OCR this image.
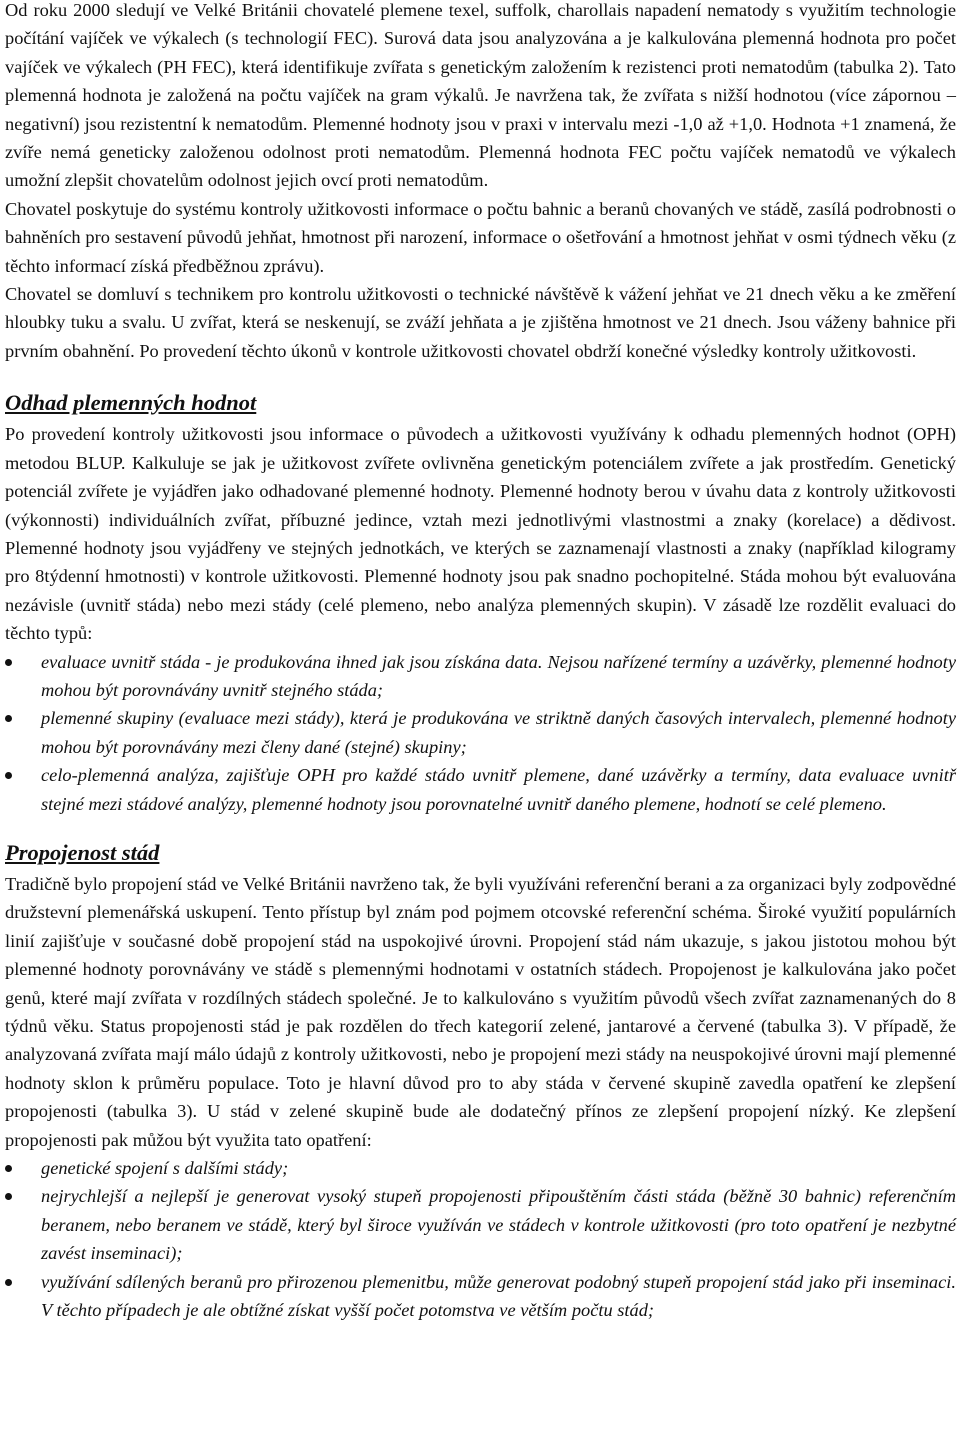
Od roku 2000 sledují ve Velké Británii chovatelé plemene texel, suffolk, charollais napadení nematody s využitím technologie počítání vajíček ve výkalech (s technologií FEC). Surová data jsou analyzována a je kalkulována plemenná hodnota pro počet vajíček ve výkalech (PH FEC), která identifikuje zvířata s genetickým založením k rezistenci proti nematodům (tabulka 2). Tato plemenná hodnota je založená na počtu vajíček na gram výkalů. Je navržena tak, že zvířata s nižší hodnotou (více zápornou – negativní) jsou rezistentní k nematodům. Plemenné hodnoty jsou v praxi v intervalu mezi -1,0 až +1,0. Hodnota +1 znamená, že zvíře nemá geneticky založenou odolnost proti nematodům. Plemenná hodnota FEC počtu vajíček nematodů ve výkalech umožní zlepšit chovatelům odolnost jejich ovcí proti nematodům.

Chovatel poskytuje do systému kontroly užitkovosti informace o počtu bahnic a beranů chovaných ve stádě, zasílá podrobnosti o bahněních pro sestavení původů jehňat, hmotnost při narození, informace o ošetřování a hmotnost jehňat v osmi týdnech věku (z těchto informací získá předběžnou zprávu).

Chovatel se domluví s technikem pro kontrolu užitkovosti o technické návštěvě k vážení jehňat ve 21 dnech věku a ke změření hloubky tuku a svalu. U zvířat, která se neskenují, se zváží jehňata a je zjištěna hmotnost ve 21 dnech. Jsou váženy bahnice při prvním obahnění. Po provedení těchto úkonů v kontrole užitkovosti chovatel obdrží konečné výsledky kontroly užitkovosti.

Odhad plemenných hodnot

Po provedení kontroly užitkovosti jsou informace o původech a užitkovosti využívány k odhadu plemenných hodnot (OPH) metodou BLUP. Kalkuluje se jak je užitkovost zvířete ovlivněna genetickým potenciálem zvířete a jak prostředím. Genetický potenciál zvířete je vyjádřen jako odhadované plemenné hodnoty. Plemenné hodnoty berou v úvahu data z kontroly užitkovosti (výkonnosti) individuálních zvířat, příbuzné jedince, vztah mezi jednotlivými vlastnostmi a znaky (korelace) a dědivost. Plemenné hodnoty jsou vyjádřeny ve stejných jednotkách, ve kterých se zaznamenají vlastnosti a znaky (například kilogramy pro 8týdenní hmotnosti) v kontrole užitkovosti. Plemenné hodnoty jsou pak snadno pochopitelné. Stáda mohou být evaluována nezávisle (uvnitř stáda) nebo mezi stády (celé plemeno, nebo analýza plemenných skupin). V zásadě lze rozdělit evaluaci do těchto typů:

evaluace uvnitř stáda - je produkována ihned jak jsou získána data. Nejsou nařízené termíny a uzávěrky, plemenné hodnoty mohou být porovnávány uvnitř stejného stáda;
plemenné skupiny (evaluace mezi stády), která je produkována ve striktně daných časových intervalech, plemenné hodnoty mohou být porovnávány mezi členy dané (stejné) skupiny;
celo-plemenná analýza, zajišťuje OPH pro každé stádo uvnitř plemene, dané uzávěrky a termíny, data evaluace uvnitř stejné mezi stádové analýzy, plemenné hodnoty jsou porovnatelné uvnitř daného plemene, hodnotí se celé plemeno.
Propojenost stád

Tradičně bylo propojení stád ve Velké Británii navrženo tak, že byli využíváni referenční berani a za organizaci byly zodpovědné družstevní plemenářská uskupení. Tento přístup byl znám pod pojmem otcovské referenční schéma. Široké využití populárních linií zajišťuje v současné době propojení stád na uspokojivé úrovni. Propojení stád nám ukazuje, s jakou jistotou mohou být plemenné hodnoty porovnávány ve stádě s plemennými hodnotami v ostatních stádech. Propojenost je kalkulována jako počet genů, které mají zvířata v rozdílných stádech společné. Je to kalkulováno s využitím původů všech zvířat zaznamenaných do 8 týdnů věku. Status propojenosti stád je pak rozdělen do třech kategorií zelené, jantarové a červené (tabulka 3). V případě, že analyzovaná zvířata mají málo údajů z kontroly užitkovosti, nebo je propojení mezi stády na neuspokojivé úrovni mají plemenné hodnoty sklon k průměru populace. Toto je hlavní důvod pro to aby stáda v červené skupině zavedla opatření ke zlepšení propojenosti (tabulka 3). U stád v zelené skupině bude ale dodatečný přínos ze zlepšení propojení nízký. Ke zlepšení propojenosti pak můžou být využita tato opatření:

genetické spojení s dalšími stády;
nejrychlejší a nejlepší je generovat vysoký stupeň propojenosti připouštěním části stáda (běžně 30 bahnic) referenčním beranem, nebo beranem ve stádě, který byl široce využíván ve stádech v kontrole užitkovosti (pro toto opatření je nezbytné zavést inseminaci);
využívání sdílených beranů pro přirozenou plemenitbu, může generovat podobný stupeň propojení stád jako při inseminaci. V těchto případech je ale obtížné získat vyšší počet potomstva ve větším počtu stád;
